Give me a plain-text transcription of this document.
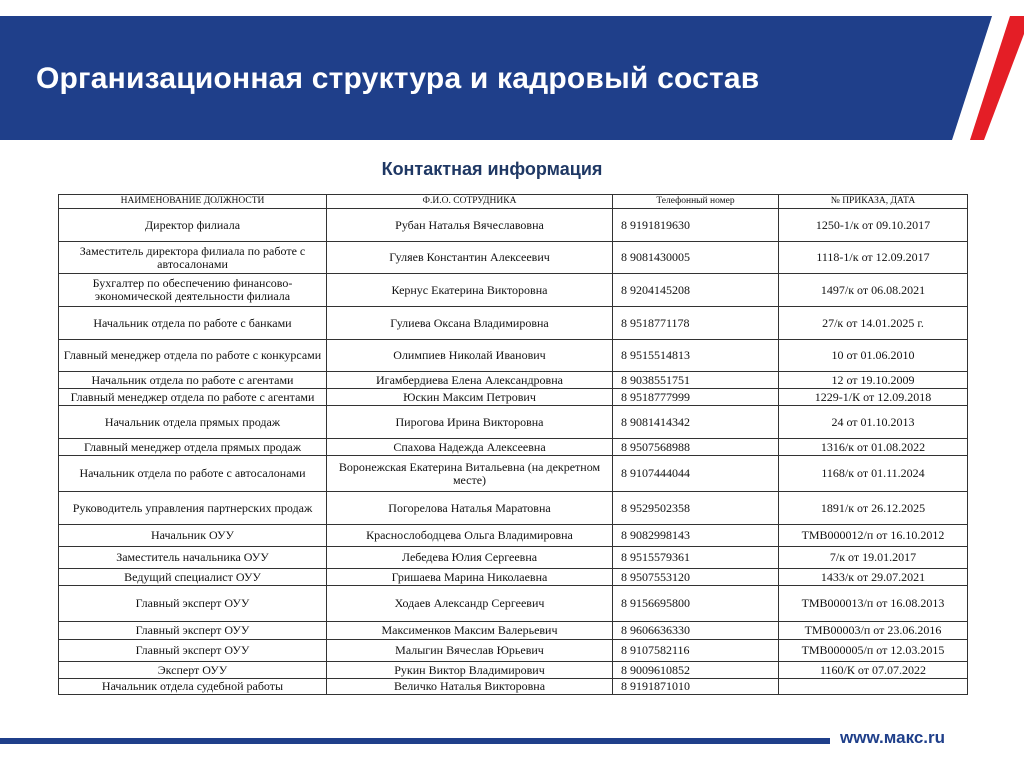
Организационная структура и кадровый состав
Контактная информация
НАИМЕНОВАНИЕ ДОЛЖНОСТИ	Ф.И.О. СОТРУДНИКА	Телефонный номер	№ ПРИКАЗА, ДАТА
Директор филиала	Рубан Наталья Вячеславовна	8 9191819630	1250-1/к от 09.10.2017
Заместитель директора филиала по работе с автосалонами	Гуляев Константин Алексеевич	8 9081430005	1118-1/к от 12.09.2017
Бухгалтер по обеспечению финансово-экономической деятельности филиала	Кернус Екатерина Викторовна	8 9204145208	1497/к от 06.08.2021
Начальник отдела по работе с банками	Гулиева Оксана Владимировна	8 9518771178	27/к от 14.01.2025 г.
Главный менеджер отдела по работе с конкурсами	Олимпиев Николай Иванович	8 9515514813	10 от 01.06.2010
Начальник отдела по работе с агентами	Игамбердиева Елена Александровна	8 9038551751	12 от 19.10.2009
Главный менеджер отдела по работе с агентами	Юскин Максим Петрович	8 9518777999	1229-1/К от 12.09.2018
Начальник отдела прямых продаж	Пирогова Ирина Викторовна	8 9081414342	24 от 01.10.2013
Главный менеджер отдела прямых продаж	Спахова Надежда Алексеевна	8 9507568988	1316/к от 01.08.2022
Начальник отдела по работе с автосалонами	Воронежская Екатерина Витальевна (на декретном месте)	8 9107444044	1168/к от 01.11.2024
Руководитель управления партнерских продаж	Погорелова Наталья Маратовна	8 9529502358	1891/к от 26.12.2025
Начальник ОУУ	Краснослободцева Ольга Владимировна	8 9082998143	ТМВ000012/п от 16.10.2012
Заместитель начальника ОУУ	Лебедева Юлия Сергеевна	8 9515579361	7/к от 19.01.2017
Ведущий специалист ОУУ	Гришаева Марина Николаевна	8 9507553120	1433/к от 29.07.2021
Главный эксперт ОУУ	Ходаев Александр Сергеевич	8 9156695800	ТМВ000013/п от 16.08.2013
Главный эксперт ОУУ	Максименков Максим Валерьевич	8 9606636330	ТМВ00003/п от 23.06.2016
Главный эксперт ОУУ	Малыгин Вячеслав Юрьевич	8 9107582116	ТМВ000005/п от 12.03.2015
Эксперт ОУУ	Рукин Виктор Владимирович	8 9009610852	1160/К от 07.07.2022
Начальник отдела судебной работы	Величко Наталья Викторовна	8 9191871010	
www.макс.ru
